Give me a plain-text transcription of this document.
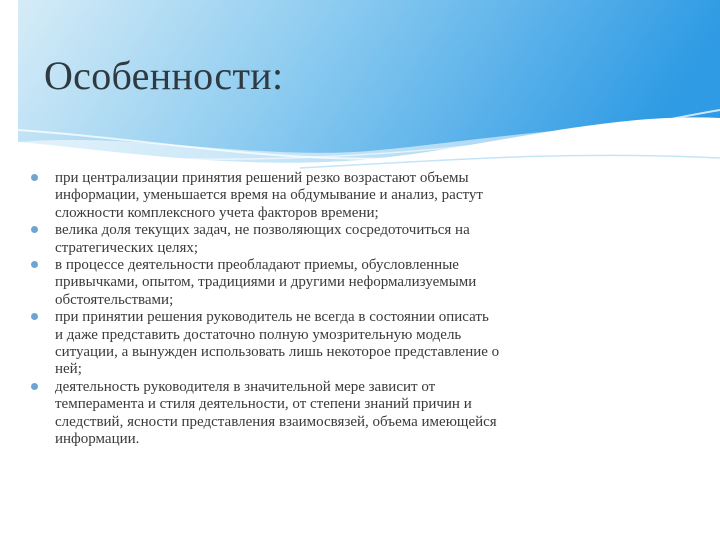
Особенности:
при централизации принятия решений резко возрастают объемы информации, уменьшается время на обдумывание и анализ, растут сложности комплексного учета факторов времени;
велика доля текущих задач, не позволяющих сосредоточиться на стратегических целях;
в процессе деятельности преобладают приемы, обусловленные привычками, опытом, традициями и другими неформализуемыми обстоятельствами;
при принятии решения руководитель не всегда в состоянии описать и даже представить достаточно полную умозрительную модель ситуации, а вынужден использовать лишь некоторое представление о ней;
деятельность руководителя в значительной мере зависит от темперамента и стиля деятельности, от степени знаний причин и следствий, ясности представления взаимосвязей, объема имеющейся информации.
